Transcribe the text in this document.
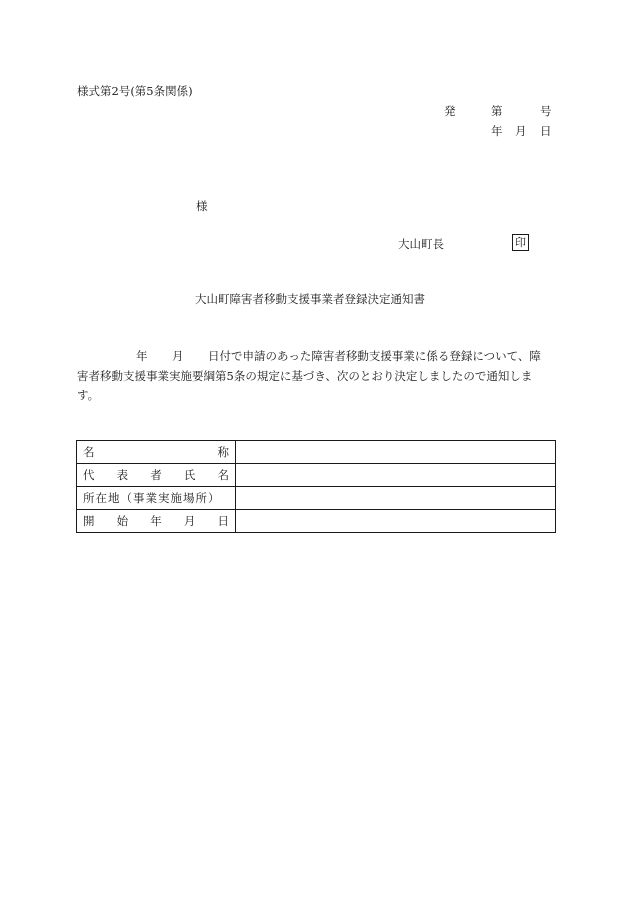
様式第2号(第5条関係)
発	第	号
年 月 日
様
大山町長	印
大山町障害者移動支援事業者登録決定通知書
年 月 日付で申請のあった障害者移動支援事業に係る登録について、障
害者移動支援事業実施要綱第5条の規定に基づき、次のとおり決定しましたので通知しま
す。
名 称	

代 表 者 氏 名	

所在地（事業実施場所）	

開 始 年 月 日	
